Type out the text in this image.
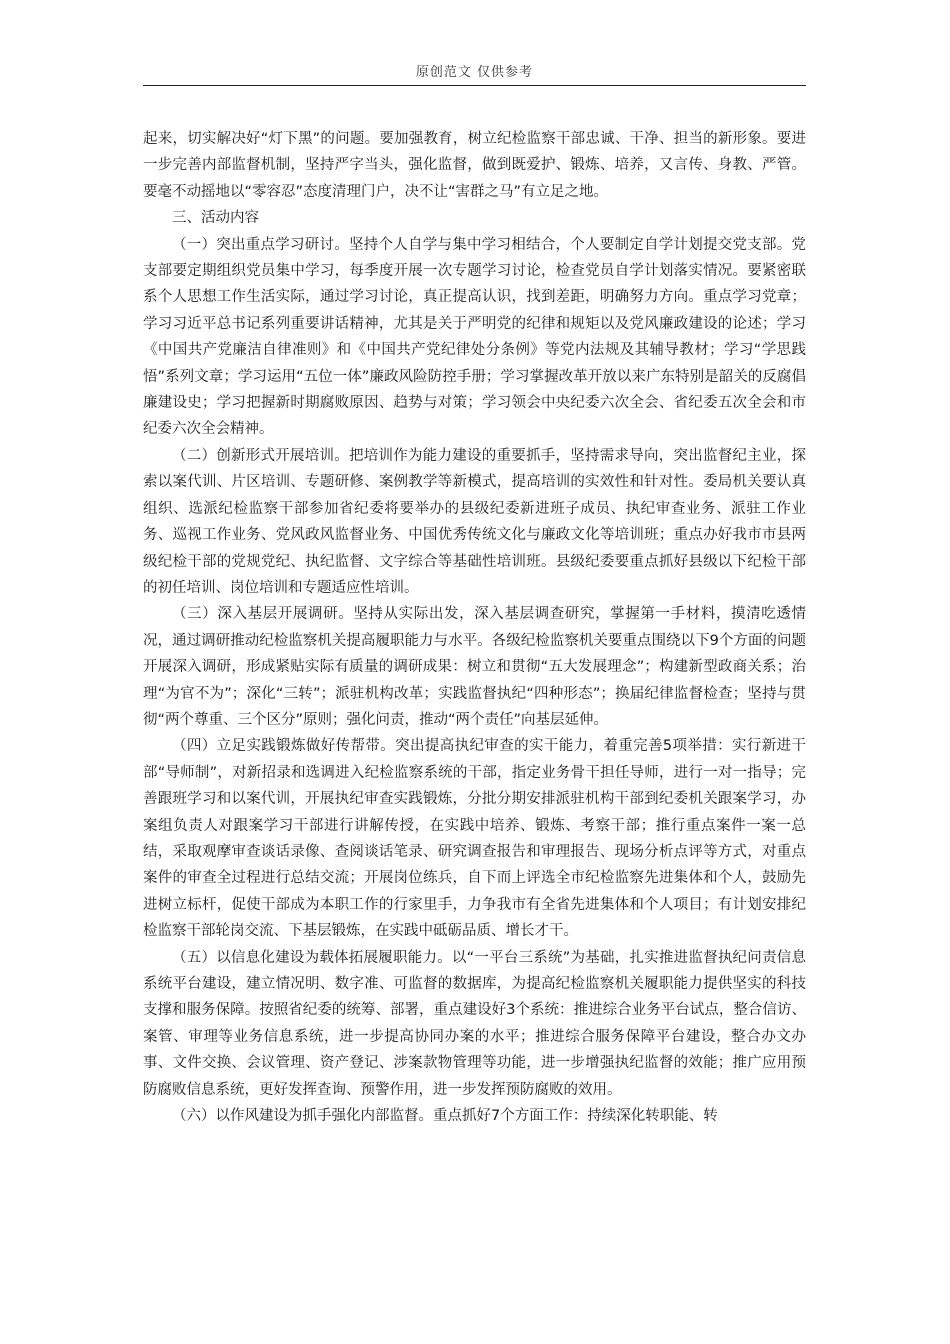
原创范文 仅供参考

起来，切实解决好“灯下黑”的问题。要加强教育，树立纪检监察干部忠诚、干净、担当的新形象。要进一步完善内部监督机制，坚持严字当头，强化监督，做到既爱护、锻炼、培养，又言传、身教、严管。要毫不动摇地以“零容忍”态度清理门户，决不让“害群之马”有立足之地。

三、活动内容

（一）突出重点学习研讨。坚持个人自学与集中学习相结合，个人要制定自学计划提交党支部。党支部要定期组织党员集中学习，每季度开展一次专题学习讨论，检查党员自学计划落实情况。要紧密联系个人思想工作生活实际，通过学习讨论，真正提高认识，找到差距，明确努力方向。重点学习党章；学习习近平总书记系列重要讲话精神，尤其是关于严明党的纪律和规矩以及党风廉政建设的论述；学习《中国共产党廉洁自律准则》和《中国共产党纪律处分条例》等党内法规及其辅导教材；学习“学思践悟”系列文章；学习运用“五位一体”廉政风险防控手册；学习掌握改革开放以来广东特别是韶关的反腐倡廉建设史；学习把握新时期腐败原因、趋势与对策；学习领会中央纪委六次全会、省纪委五次全会和市纪委六次全会精神。

（二）创新形式开展培训。把培训作为能力建设的重要抓手，坚持需求导向，突出监督纪主业，探索以案代训、片区培训、专题研修、案例教学等新模式，提高培训的实效性和针对性。委局机关要认真组织、选派纪检监察干部参加省纪委将要举办的县级纪委新进班子成员、执纪审查业务、派驻工作业务、巡视工作业务、党风政风监督业务、中国优秀传统文化与廉政文化等培训班；重点办好我市市县两级纪检干部的党规党纪、执纪监督、文字综合等基础性培训班。县级纪委要重点抓好县级以下纪检干部的初任培训、岗位培训和专题适应性培训。

（三）深入基层开展调研。坚持从实际出发，深入基层调查研究，掌握第一手材料，摸清吃透情况，通过调研推动纪检监察机关提高履职能力与水平。各级纪检监察机关要重点围绕以下9个方面的问题开展深入调研，形成紧贴实际有质量的调研成果：树立和贯彻“五大发展理念”；构建新型政商关系；治理“为官不为”；深化“三转”；派驻机构改革；实践监督执纪“四种形态”；换届纪律监督检查；坚持与贯彻“两个尊重、三个区分”原则；强化问责，推动“两个责任”向基层延伸。

（四）立足实践锻炼做好传帮带。突出提高执纪审查的实干能力，着重完善5项举措：实行新进干部“导师制”，对新招录和选调进入纪检监察系统的干部，指定业务骨干担任导师，进行一对一指导；完善跟班学习和以案代训，开展执纪审查实践锻炼，分批分期安排派驻机构干部到纪委机关跟案学习，办案组负责人对跟案学习干部进行讲解传授，在实践中培养、锻炼、考察干部；推行重点案件一案一总结，采取观摩审查谈话录像、查阅谈话笔录、研究调查报告和审理报告、现场分析点评等方式，对重点案件的审查全过程进行总结交流；开展岗位练兵，自下而上评选全市纪检监察先进集体和个人，鼓励先进树立标杆，促使干部成为本职工作的行家里手，力争我市有全省先进集体和个人项目；有计划安排纪检监察干部轮岗交流、下基层锻炼，在实践中砥砺品质、增长才干。

（五）以信息化建设为载体拓展履职能力。以“一平台三系统”为基础，扎实推进监督执纪问责信息系统平台建设，建立情况明、数字准、可监督的数据库，为提高纪检监察机关履职能力提供坚实的科技支撑和服务保障。按照省纪委的统筹、部署，重点建设好3个系统：推进综合业务平台试点，整合信访、案管、审理等业务信息系统，进一步提高协同办案的水平；推进综合服务保障平台建设，整合办文办事、文件交换、会议管理、资产登记、涉案款物管理等功能，进一步增强执纪监督的效能；推广应用预防腐败信息系统，更好发挥查询、预警作用，进一步发挥预防腐败的效用。

（六）以作风建设为抓手强化内部监督。重点抓好7个方面工作：持续深化转职能、转
